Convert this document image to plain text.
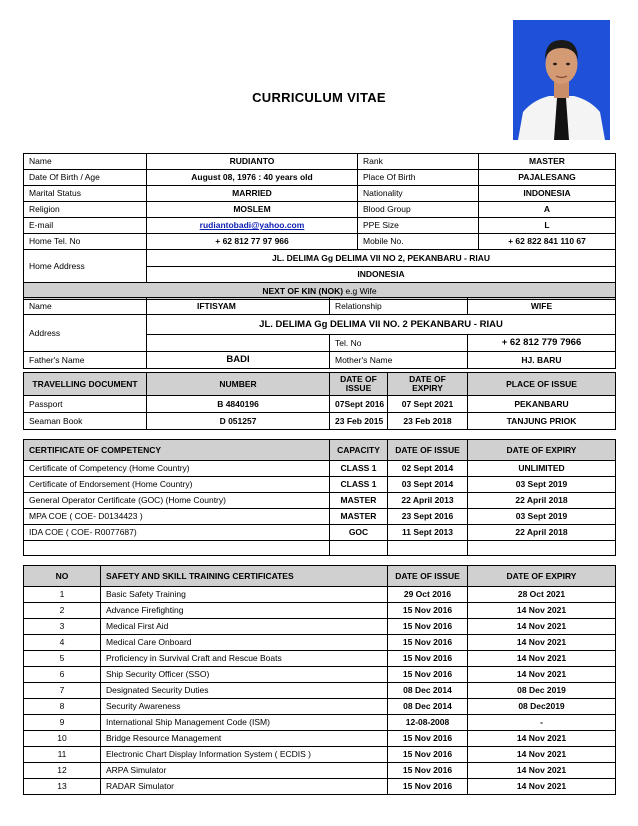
CURRICULUM VITAE
Name	RUDIANTO	Rank	MASTER
Date Of Birth / Age	August 08, 1976 : 40 years old	Place Of Birth	PAJALESANG
Marital Status	MARRIED	Nationality	INDONESIA
Religion	MOSLEM	Blood Group	A
E-mail	rudiantobadi@yahoo.com	PPE Size	L
Home Tel. No	+ 62 812 77 97 966	Mobile No.	+ 62 822 841 110 67
Home Address	JL. DELIMA Gg DELIMA VII NO 2, PEKANBARU - RIAU		
	INDONESIA		
NEXT OF KIN (NOK) e.g Wife			
Name	IFTISYAM	Relationship	WIFE
Address	JL. DELIMA Gg DELIMA VII NO. 2 PEKANBARU - RIAU		
		Tel. No	+ 62 812 779 7966
Father's Name	BADI	Mother's Name	HJ. BARU
TRAVELLING DOCUMENT	NUMBER	DATE OF ISSUE	DATE OF EXPIRY	PLACE OF ISSUE
Passport	B 4840196	07Sept 2016	07 Sept 2021	PEKANBARU
Seaman Book	D 051257	23 Feb 2015	23 Feb 2018	TANJUNG PRIOK
CERTIFICATE OF COMPETENCY	CAPACITY	DATE OF ISSUE	DATE OF EXPIRY
Certificate of Competency (Home Country)	CLASS 1	02 Sept 2014	UNLIMITED
Certificate of Endorsement (Home Country)	CLASS 1	03 Sept 2014	03 Sept 2019
General Operator Certificate (GOC) (Home Country)	MASTER	22 April 2013	22 April 2018
MPA COE ( COE- D0134423 )	MASTER	23 Sept 2016	03 Sept 2019
IDA COE ( COE- R0077687)	GOC	11 Sept 2013	22 April 2018

NO	SAFETY AND SKILL TRAINING CERTIFICATES	DATE OF ISSUE	DATE OF EXPIRY
1	Basic Safety Training	29 Oct 2016	28 Oct 2021
2	Advance Firefighting	15 Nov 2016	14 Nov 2021
3	Medical First Aid	15 Nov 2016	14 Nov 2021
4	Medical Care Onboard	15 Nov 2016	14 Nov 2021
5	Proficiency in Survival Craft and Rescue Boats	15 Nov 2016	14 Nov 2021
6	Ship Security Officer (SSO)	15 Nov 2016	14 Nov 2021
7	Designated Security Duties	08 Dec 2014	08 Dec 2019
8	Security Awareness	08 Dec 2014	08 Dec2019
9	International Ship Management Code (ISM)	12-08-2008	-
10	Bridge Resource Management	15 Nov 2016	14 Nov 2021
11	Electronic Chart Display Information System ( ECDIS )	15 Nov 2016	14 Nov 2021
12	ARPA Simulator	15 Nov 2016	14 Nov 2021
13	RADAR Simulator	15 Nov 2016	14 Nov 2021
